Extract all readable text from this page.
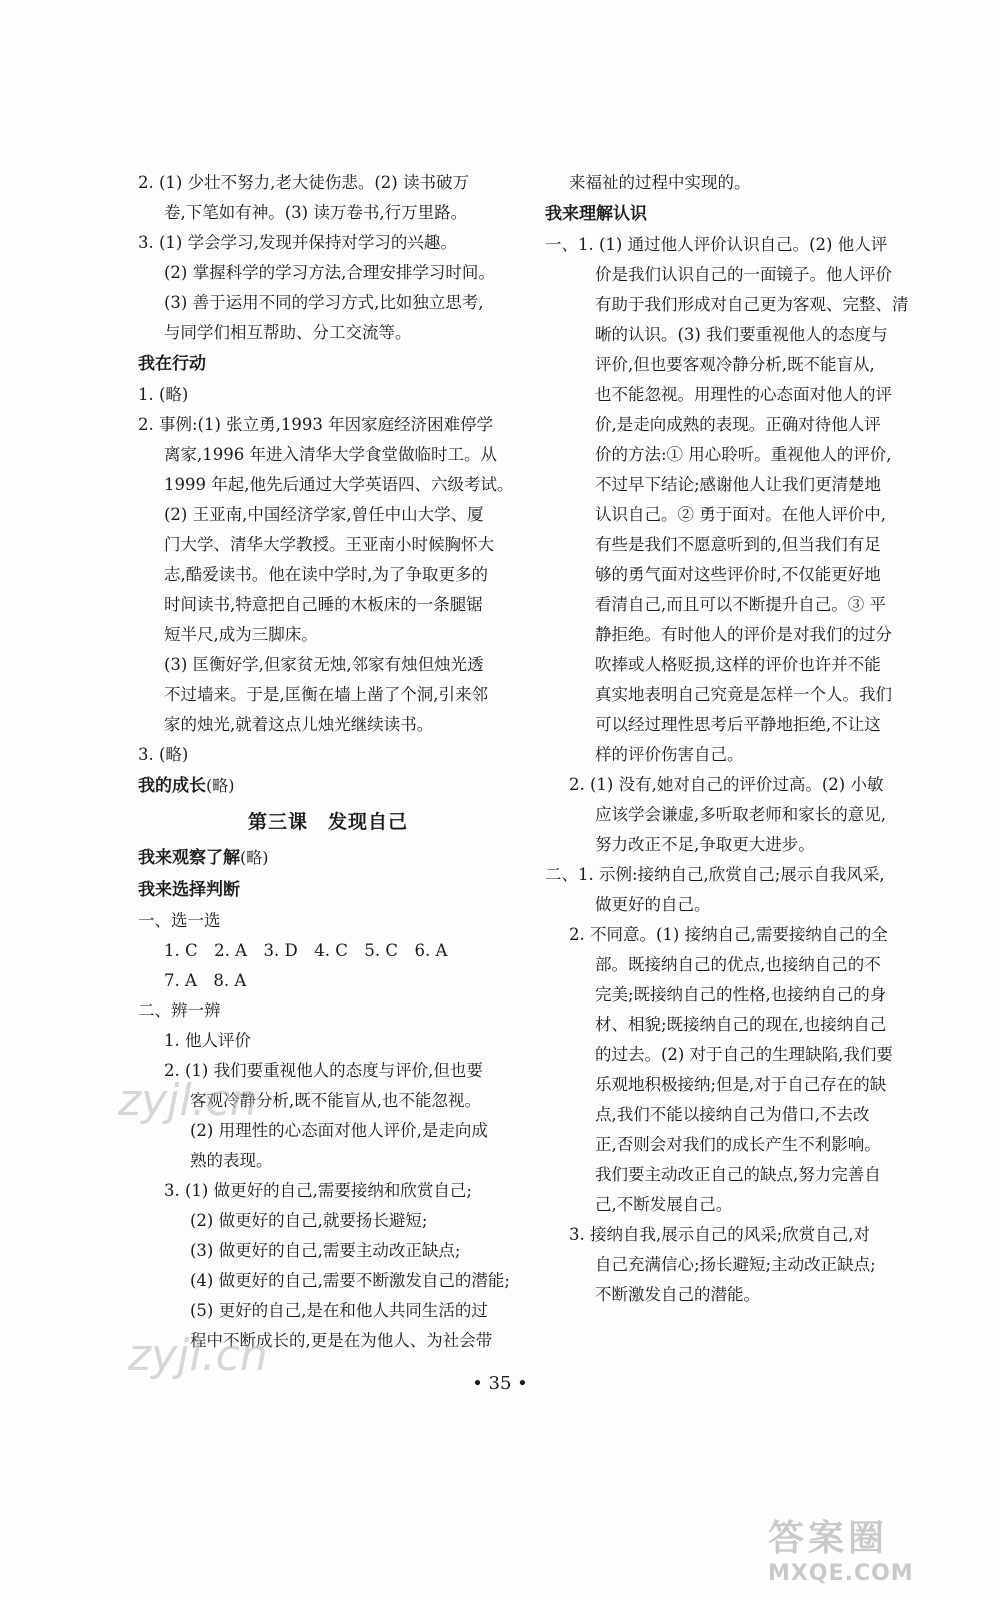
2. (1) 少壮不努力,老大徒伤悲。(2) 读书破万
卷,下笔如有神。(3) 读万卷书,行万里路。
3. (1) 学会学习,发现并保持对学习的兴趣。
(2) 掌握科学的学习方法,合理安排学习时间。
(3) 善于运用不同的学习方式,比如独立思考,
与同学们相互帮助、分工交流等。
我在行动
1. (略)
2. 事例:(1) 张立勇,1993 年因家庭经济困难停学
离家,1996 年进入清华大学食堂做临时工。从
1999 年起,他先后通过大学英语四、六级考试。
(2) 王亚南,中国经济学家,曾任中山大学、厦
门大学、清华大学教授。王亚南小时候胸怀大
志,酷爱读书。他在读中学时,为了争取更多的
时间读书,特意把自己睡的木板床的一条腿锯
短半尺,成为三脚床。
(3) 匡衡好学,但家贫无烛,邻家有烛但烛光透
不过墙来。于是,匡衡在墙上凿了个洞,引来邻
家的烛光,就着这点儿烛光继续读书。
3. (略)
我的成长(略)
第三课　发现自己
我来观察了解(略)
我来选择判断
一、选一选
1. C　2. A　3. D　4. C　5. C　6. A
7. A　8. A
二、辨一辨
1. 他人评价
2. (1) 我们要重视他人的态度与评价,但也要
客观冷静分析,既不能盲从,也不能忽视。
(2) 用理性的心态面对他人评价,是走向成
熟的表现。
3. (1) 做更好的自己,需要接纳和欣赏自己;
(2) 做更好的自己,就要扬长避短;
(3) 做更好的自己,需要主动改正缺点;
(4) 做更好的自己,需要不断激发自己的潜能;
(5) 更好的自己,是在和他人共同生活的过
程中不断成长的,更是在为他人、为社会带
来福祉的过程中实现的。
我来理解认识
一、1. (1) 通过他人评价认识自己。(2) 他人评
价是我们认识自己的一面镜子。他人评价
有助于我们形成对自己更为客观、完整、清
晰的认识。(3) 我们要重视他人的态度与
评价,但也要客观冷静分析,既不能盲从,
也不能忽视。用理性的心态面对他人的评
价,是走向成熟的表现。正确对待他人评
价的方法:① 用心聆听。重视他人的评价,
不过早下结论;感谢他人让我们更清楚地
认识自己。② 勇于面对。在他人评价中,
有些是我们不愿意听到的,但当我们有足
够的勇气面对这些评价时,不仅能更好地
看清自己,而且可以不断提升自己。③ 平
静拒绝。有时他人的评价是对我们的过分
吹捧或人格贬损,这样的评价也许并不能
真实地表明自己究竟是怎样一个人。我们
可以经过理性思考后平静地拒绝,不让这
样的评价伤害自己。
2. (1) 没有,她对自己的评价过高。(2) 小敏
应该学会谦虚,多听取老师和家长的意见,
努力改正不足,争取更大进步。
二、1. 示例:接纳自己,欣赏自己;展示自我风采,
做更好的自己。
2. 不同意。(1) 接纳自己,需要接纳自己的全
部。既接纳自己的优点,也接纳自己的不
完美;既接纳自己的性格,也接纳自己的身
材、相貌;既接纳自己的现在,也接纳自己
的过去。(2) 对于自己的生理缺陷,我们要
乐观地积极接纳;但是,对于自己存在的缺
点,我们不能以接纳自己为借口,不去改
正,否则会对我们的成长产生不利影响。
我们要主动改正自己的缺点,努力完善自
己,不断发展自己。
3. 接纳自我,展示自己的风采;欣赏自己,对
自己充满信心;扬长避短;主动改正缺点;
不断激发自己的潜能。
• 35 •
zyjl.cn
zyjl.cn
答案圈
MXQE.COM
